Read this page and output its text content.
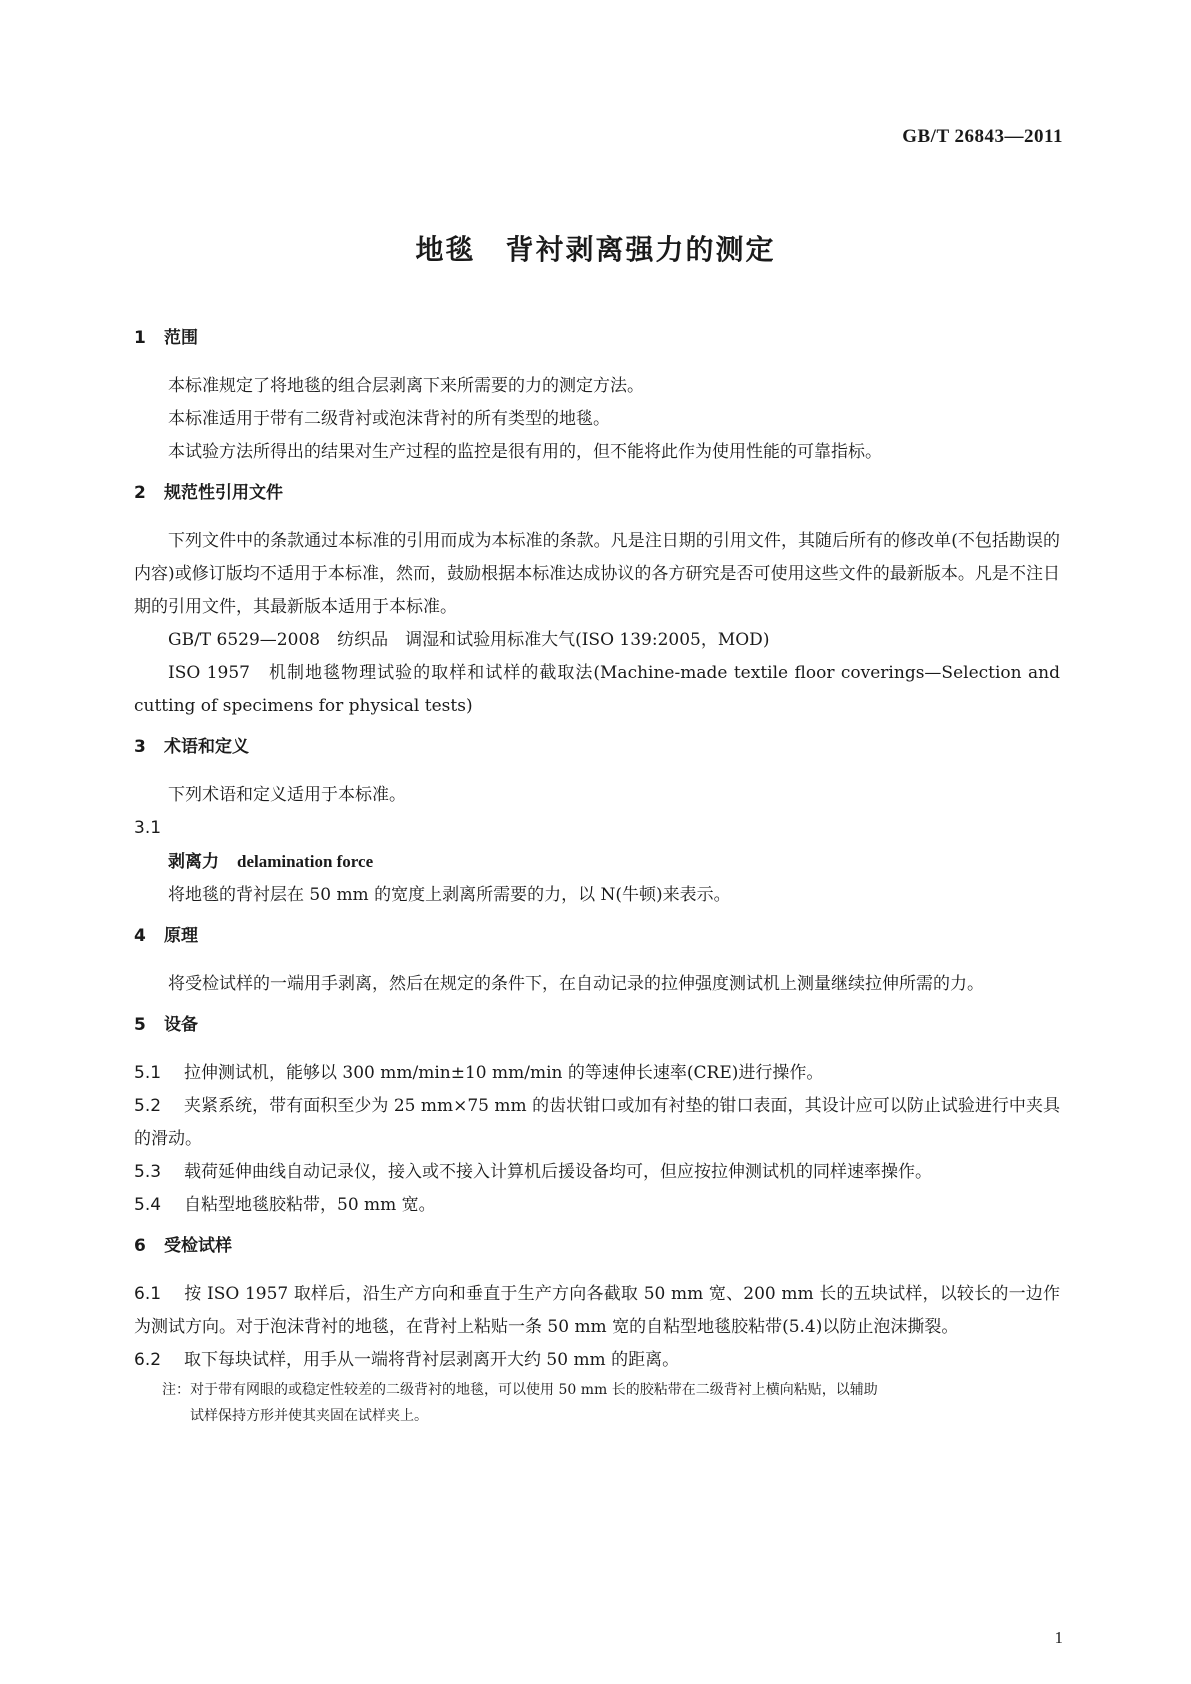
GB/T 26843—2011
地毯　背衬剥离强力的测定
1 范围

本标准规定了将地毯的组合层剥离下来所需要的力的测定方法。

本标准适用于带有二级背衬或泡沫背衬的所有类型的地毯。

本试验方法所得出的结果对生产过程的监控是很有用的，但不能将此作为使用性能的可靠指标。

2 规范性引用文件

下列文件中的条款通过本标准的引用而成为本标准的条款。凡是注日期的引用文件，其随后所有的修改单(不包括勘误的内容)或修订版均不适用于本标准，然而，鼓励根据本标准达成协议的各方研究是否可使用这些文件的最新版本。凡是不注日期的引用文件，其最新版本适用于本标准。

GB/T 6529—2008　纺织品　调湿和试验用标准大气(ISO 139:2005，MOD)

ISO 1957　机制地毯物理试验的取样和试样的截取法(Machine-made textile floor coverings—Selection and cutting of specimens for physical tests)

3 术语和定义

下列术语和定义适用于本标准。

3.1
剥离力 delamination force

将地毯的背衬层在 50 mm 的宽度上剥离所需要的力，以 N(牛顿)来表示。

4 原理

将受检试样的一端用手剥离，然后在规定的条件下，在自动记录的拉伸强度测试机上测量继续拉伸所需的力。

5 设备

5.1 拉伸测试机，能够以 300 mm/min±10 mm/min 的等速伸长速率(CRE)进行操作。

5.2 夹紧系统，带有面积至少为 25 mm×75 mm 的齿状钳口或加有衬垫的钳口表面，其设计应可以防止试验进行中夹具的滑动。

5.3 载荷延伸曲线自动记录仪，接入或不接入计算机后援设备均可，但应按拉伸测试机的同样速率操作。

5.4 自粘型地毯胶粘带，50 mm 宽。

6 受检试样

6.1 按 ISO 1957 取样后，沿生产方向和垂直于生产方向各截取 50 mm 宽、200 mm 长的五块试样，以较长的一边作为测试方向。对于泡沫背衬的地毯，在背衬上粘贴一条 50 mm 宽的自粘型地毯胶粘带(5.4)以防止泡沫撕裂。

6.2 取下每块试样，用手从一端将背衬层剥离开大约 50 mm 的距离。

注：对于带有网眼的或稳定性较差的二级背衬的地毯，可以使用 50 mm 长的胶粘带在二级背衬上横向粘贴，以辅助
试样保持方形并使其夹固在试样夹上。

1
